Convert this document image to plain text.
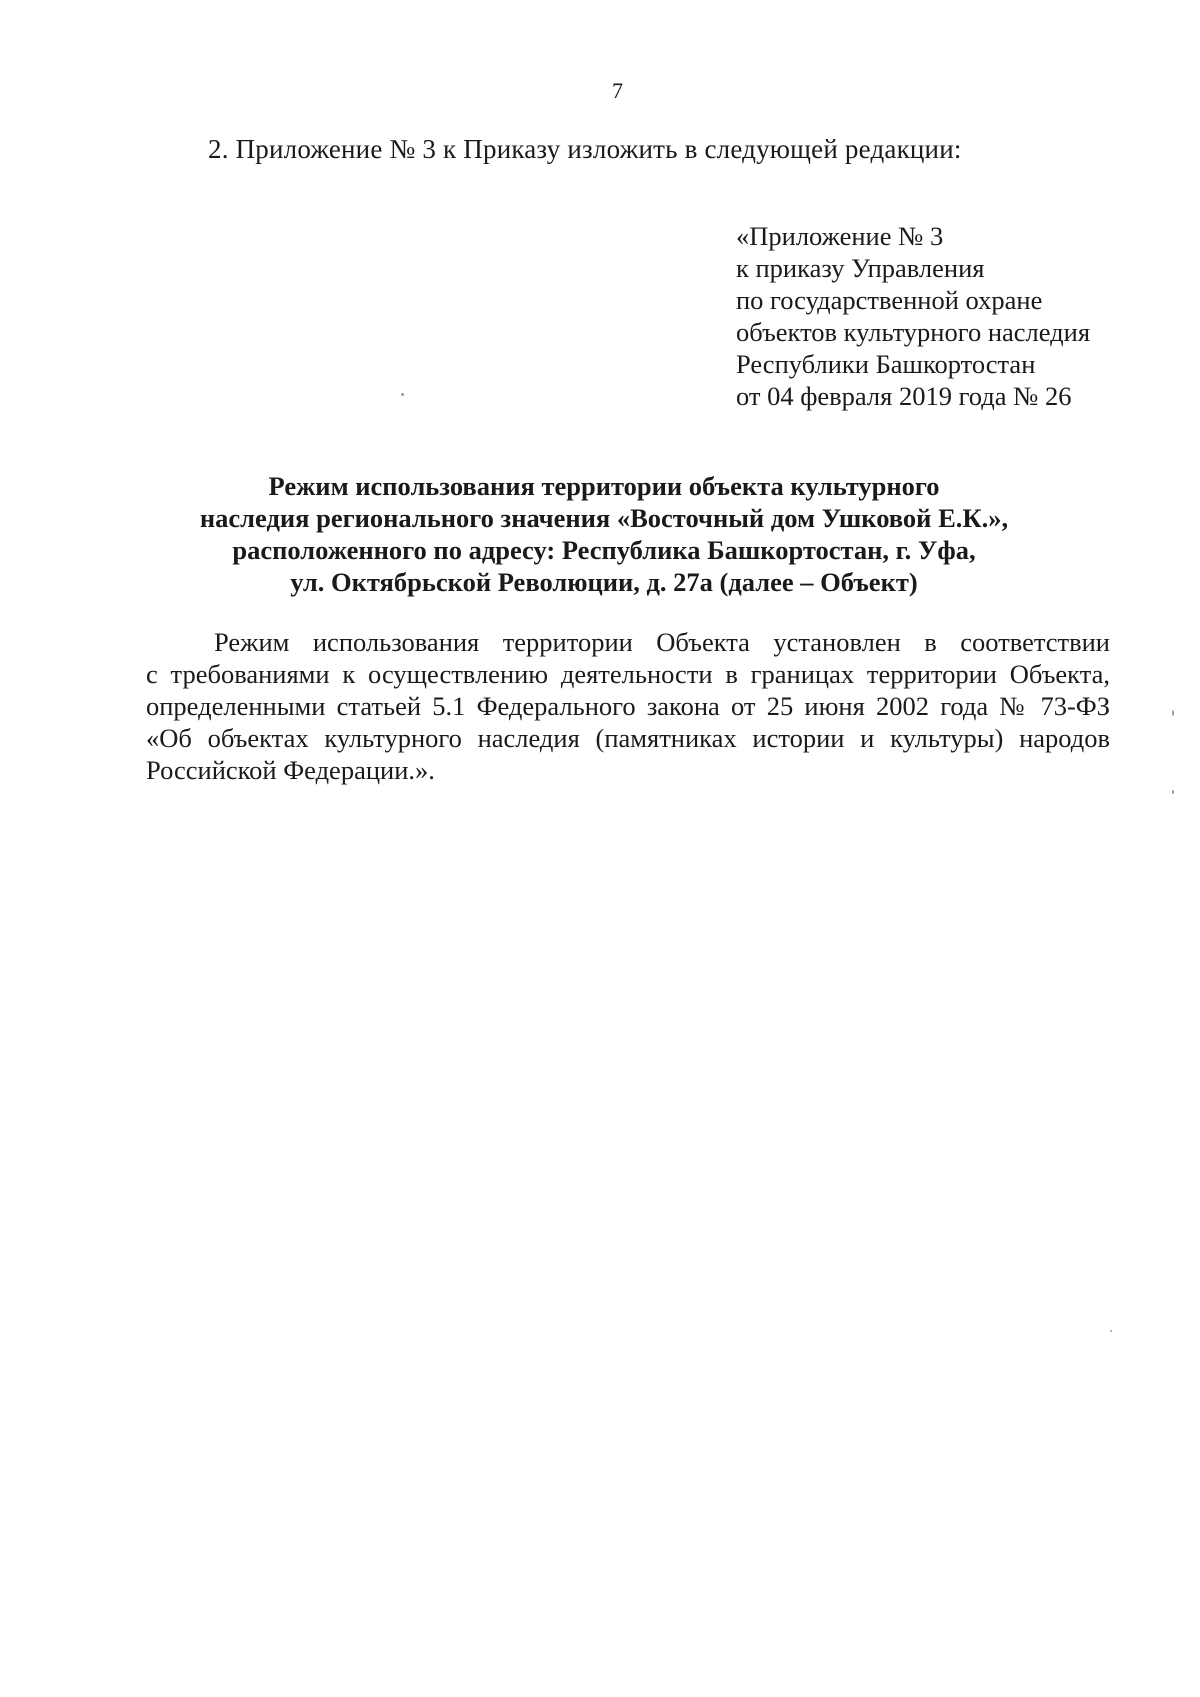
7
2. Приложение № 3 к Приказу изложить в следующей редакции:
«Приложение № 3
к приказу Управления
по государственной охране
объектов культурного наследия
Республики Башкортостан
от 04 февраля 2019 года № 26
Режим использования территории объекта культурного
наследия регионального значения «Восточный дом Ушковой Е.К.»,
расположенного по адресу: Республика Башкортостан, г. Уфа,
ул. Октябрьской Революции, д. 27а (далее – Объект)
Режим использования территории Объекта установлен в соответствии
с требованиями к осуществлению деятельности в границах территории Объекта,
определенными статьей 5.1 Федерального закона от 25 июня 2002 года № 73-ФЗ
«Об объектах культурного наследия (памятниках истории и культуры) народов
Российской Федерации.».
